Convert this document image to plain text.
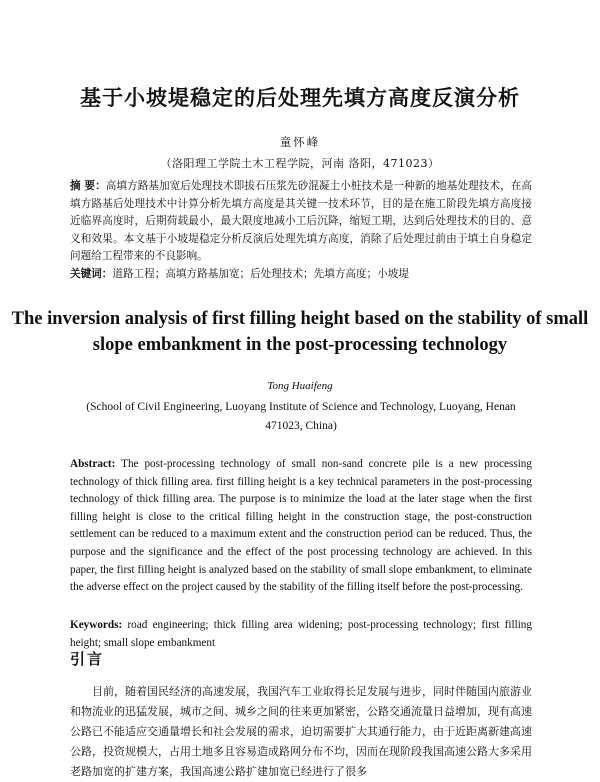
基于小坡堤稳定的后处理先填方高度反演分析
童怀峰
（洛阳理工学院土木工程学院，河南 洛阳，471023）
摘 要：高填方路基加宽后处理技术即拔石压浆先砂混凝土小桩技术是一种新的地基处理技术，在高填方路基后处理技术中计算分析先填方高度是其关键一技术环节，目的是在施工阶段先填方高度接近临界高度时，后期荷载最小，最大限度地减小工后沉降，缩短工期，达到后处理技术的目的、意义和效果。本文基于小坡堤稳定分析反演后处理先填方高度，消除了后处理过前由于填土自身稳定问题给工程带来的不良影响。
关键词：道路工程；高填方路基加宽；后处理技术；先填方高度；小坡堤
The inversion analysis of first filling height based on the stability of small slope embankment in the post-processing technology
Tong Huaifeng
(School of Civil Engineering, Luoyang Institute of Science and Technology, Luoyang, Henan 471023, China)
Abstract: The post-processing technology of small non-sand concrete pile is a new processing technology of thick filling area. first filling height is a key technical parameters in the post-processing technology of thick filling area. The purpose is to minimize the load at the later stage when the first filling height is close to the critical filling height in the construction stage, the post-construction settlement can be reduced to a maximum extent and the construction period can be reduced. Thus, the purpose and the significance and the effect of the post processing technology are achieved. In this paper, the first filling height is analyzed based on the stability of small slope embankment, to eliminate the adverse effect on the project caused by the stability of the filling itself before the post-processing.
Keywords: road engineering; thick filling area widening; post-processing technology; first filling height; small slope embankment
引言
目前，随着国民经济的高速发展，我国汽车工业取得长足发展与进步，同时伴随国内旅游业和物流业的迅猛发展，城市之间、城乡之间的往来更加紧密，公路交通流量日益增加，现有高速公路已不能适应交通量增长和社会发展的需求，迫切需要扩大其通行能力，由于近距离新建高速公路，投资规模大，占用土地多且容易造成路网分布不均，因而在现阶段我国高速公路大多采用老路加宽的扩建方案，我国高速公路扩建加宽已经进行了很多
